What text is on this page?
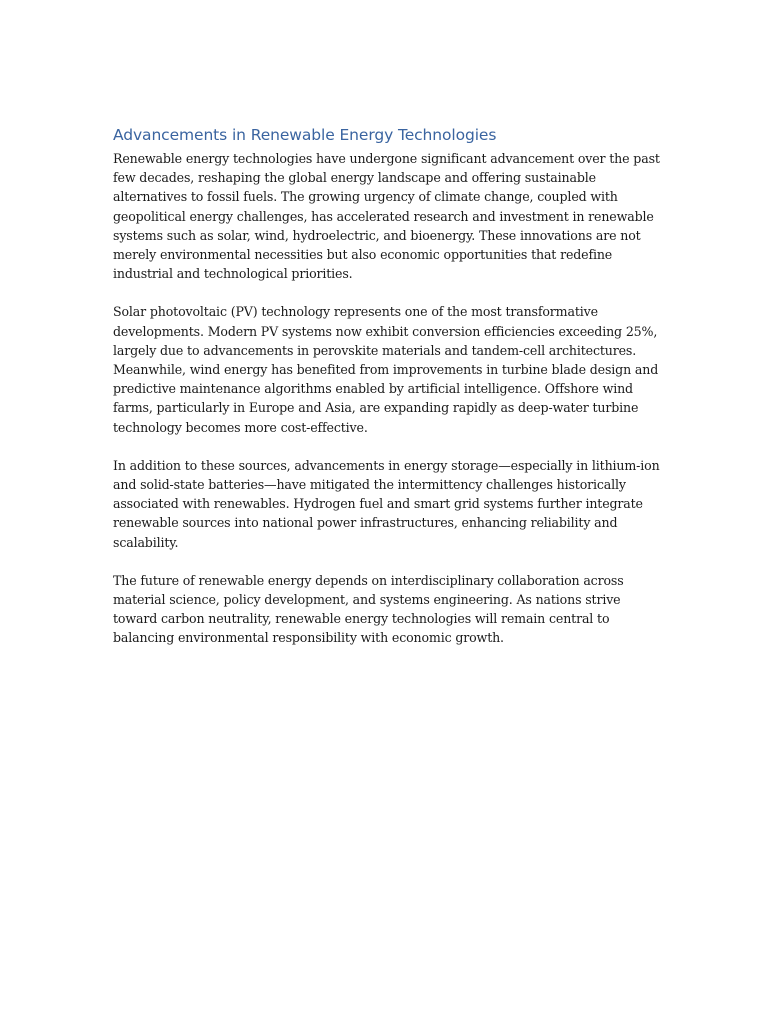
Advancements in Renewable Energy Technologies

Renewable energy technologies have undergone significant advancement over the past few decades, reshaping the global energy landscape and offering sustainable alternatives to fossil fuels. The growing urgency of climate change, coupled with geopolitical energy challenges, has accelerated research and investment in renewable systems such as solar, wind, hydroelectric, and bioenergy. These innovations are not merely environmental necessities but also economic opportunities that redefine industrial and technological priorities.

Solar photovoltaic (PV) technology represents one of the most transformative developments. Modern PV systems now exhibit conversion efficiencies exceeding 25%, largely due to advancements in perovskite materials and tandem-cell architectures. Meanwhile, wind energy has benefited from improvements in turbine blade design and predictive maintenance algorithms enabled by artificial intelligence. Offshore wind farms, particularly in Europe and Asia, are expanding rapidly as deep-water turbine technology becomes more cost-effective.

In addition to these sources, advancements in energy storage—especially in lithium-ion and solid-state batteries—have mitigated the intermittency challenges historically associated with renewables. Hydrogen fuel and smart grid systems further integrate renewable sources into national power infrastructures, enhancing reliability and scalability.

The future of renewable energy depends on interdisciplinary collaboration across material science, policy development, and systems engineering. As nations strive toward carbon neutrality, renewable energy technologies will remain central to balancing environmental responsibility with economic growth.
